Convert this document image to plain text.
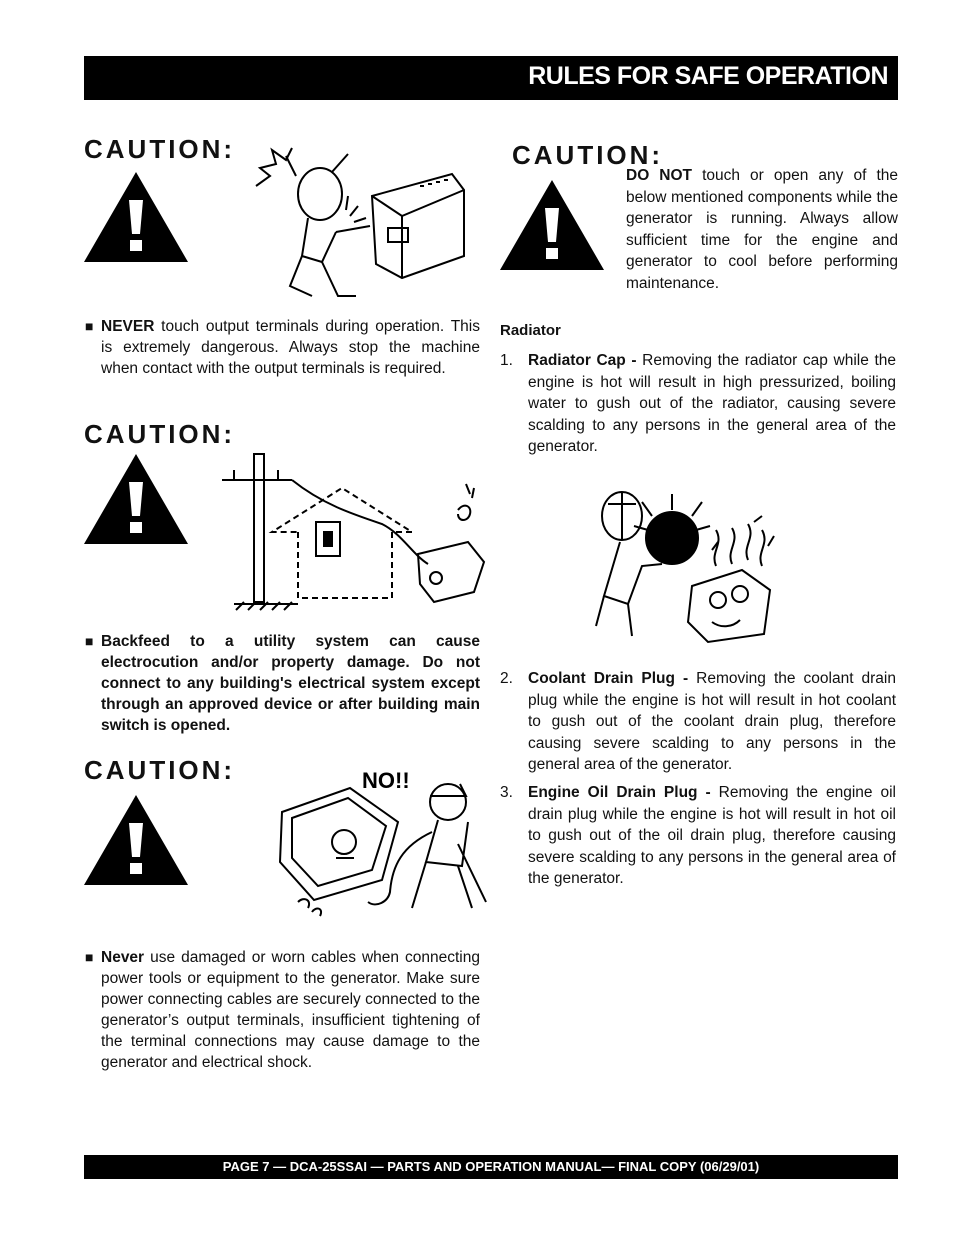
RULES FOR SAFE OPERATION
CAUTION:
■ NEVER touch output terminals during operation. This is extremely dangerous. Always stop the machine when contact with the output terminals is required.
CAUTION:
■ Backfeed to a utility system can cause electrocution and/or property damage. Do not connect to any building's electrical system except through an approved device or after building main switch is opened.
CAUTION:	NO!!
■ Never use damaged or worn cables when connecting power tools or equipment to the generator. Make sure power connecting cables are securely connected to the generator’s output terminals, insufficient tightening of the terminal connections may cause damage to the generator and electrical shock.
CAUTION:
DO NOT touch or open any of the below mentioned components while the generator is running. Always allow sufficient time for the engine and generator to cool before performing maintenance.
Radiator
1. Radiator Cap - Removing the radiator cap while the engine is hot will result in high pressurized, boiling water to gush out of the radiator, causing severe scalding to any persons in the general area of the generator.
2. Coolant Drain Plug - Removing the coolant drain plug while the engine is hot will result in hot coolant to gush out of the coolant drain plug, therefore causing severe scalding to any persons in the general area of the generator.
3. Engine Oil Drain Plug - Removing the engine oil drain plug while the engine is hot will result in hot oil to gush out of the oil drain plug, therefore causing severe scalding to any persons in the general area of the generator.
PAGE 7 — DCA-25SSAI — PARTS AND OPERATION MANUAL— FINAL COPY (06/29/01)
